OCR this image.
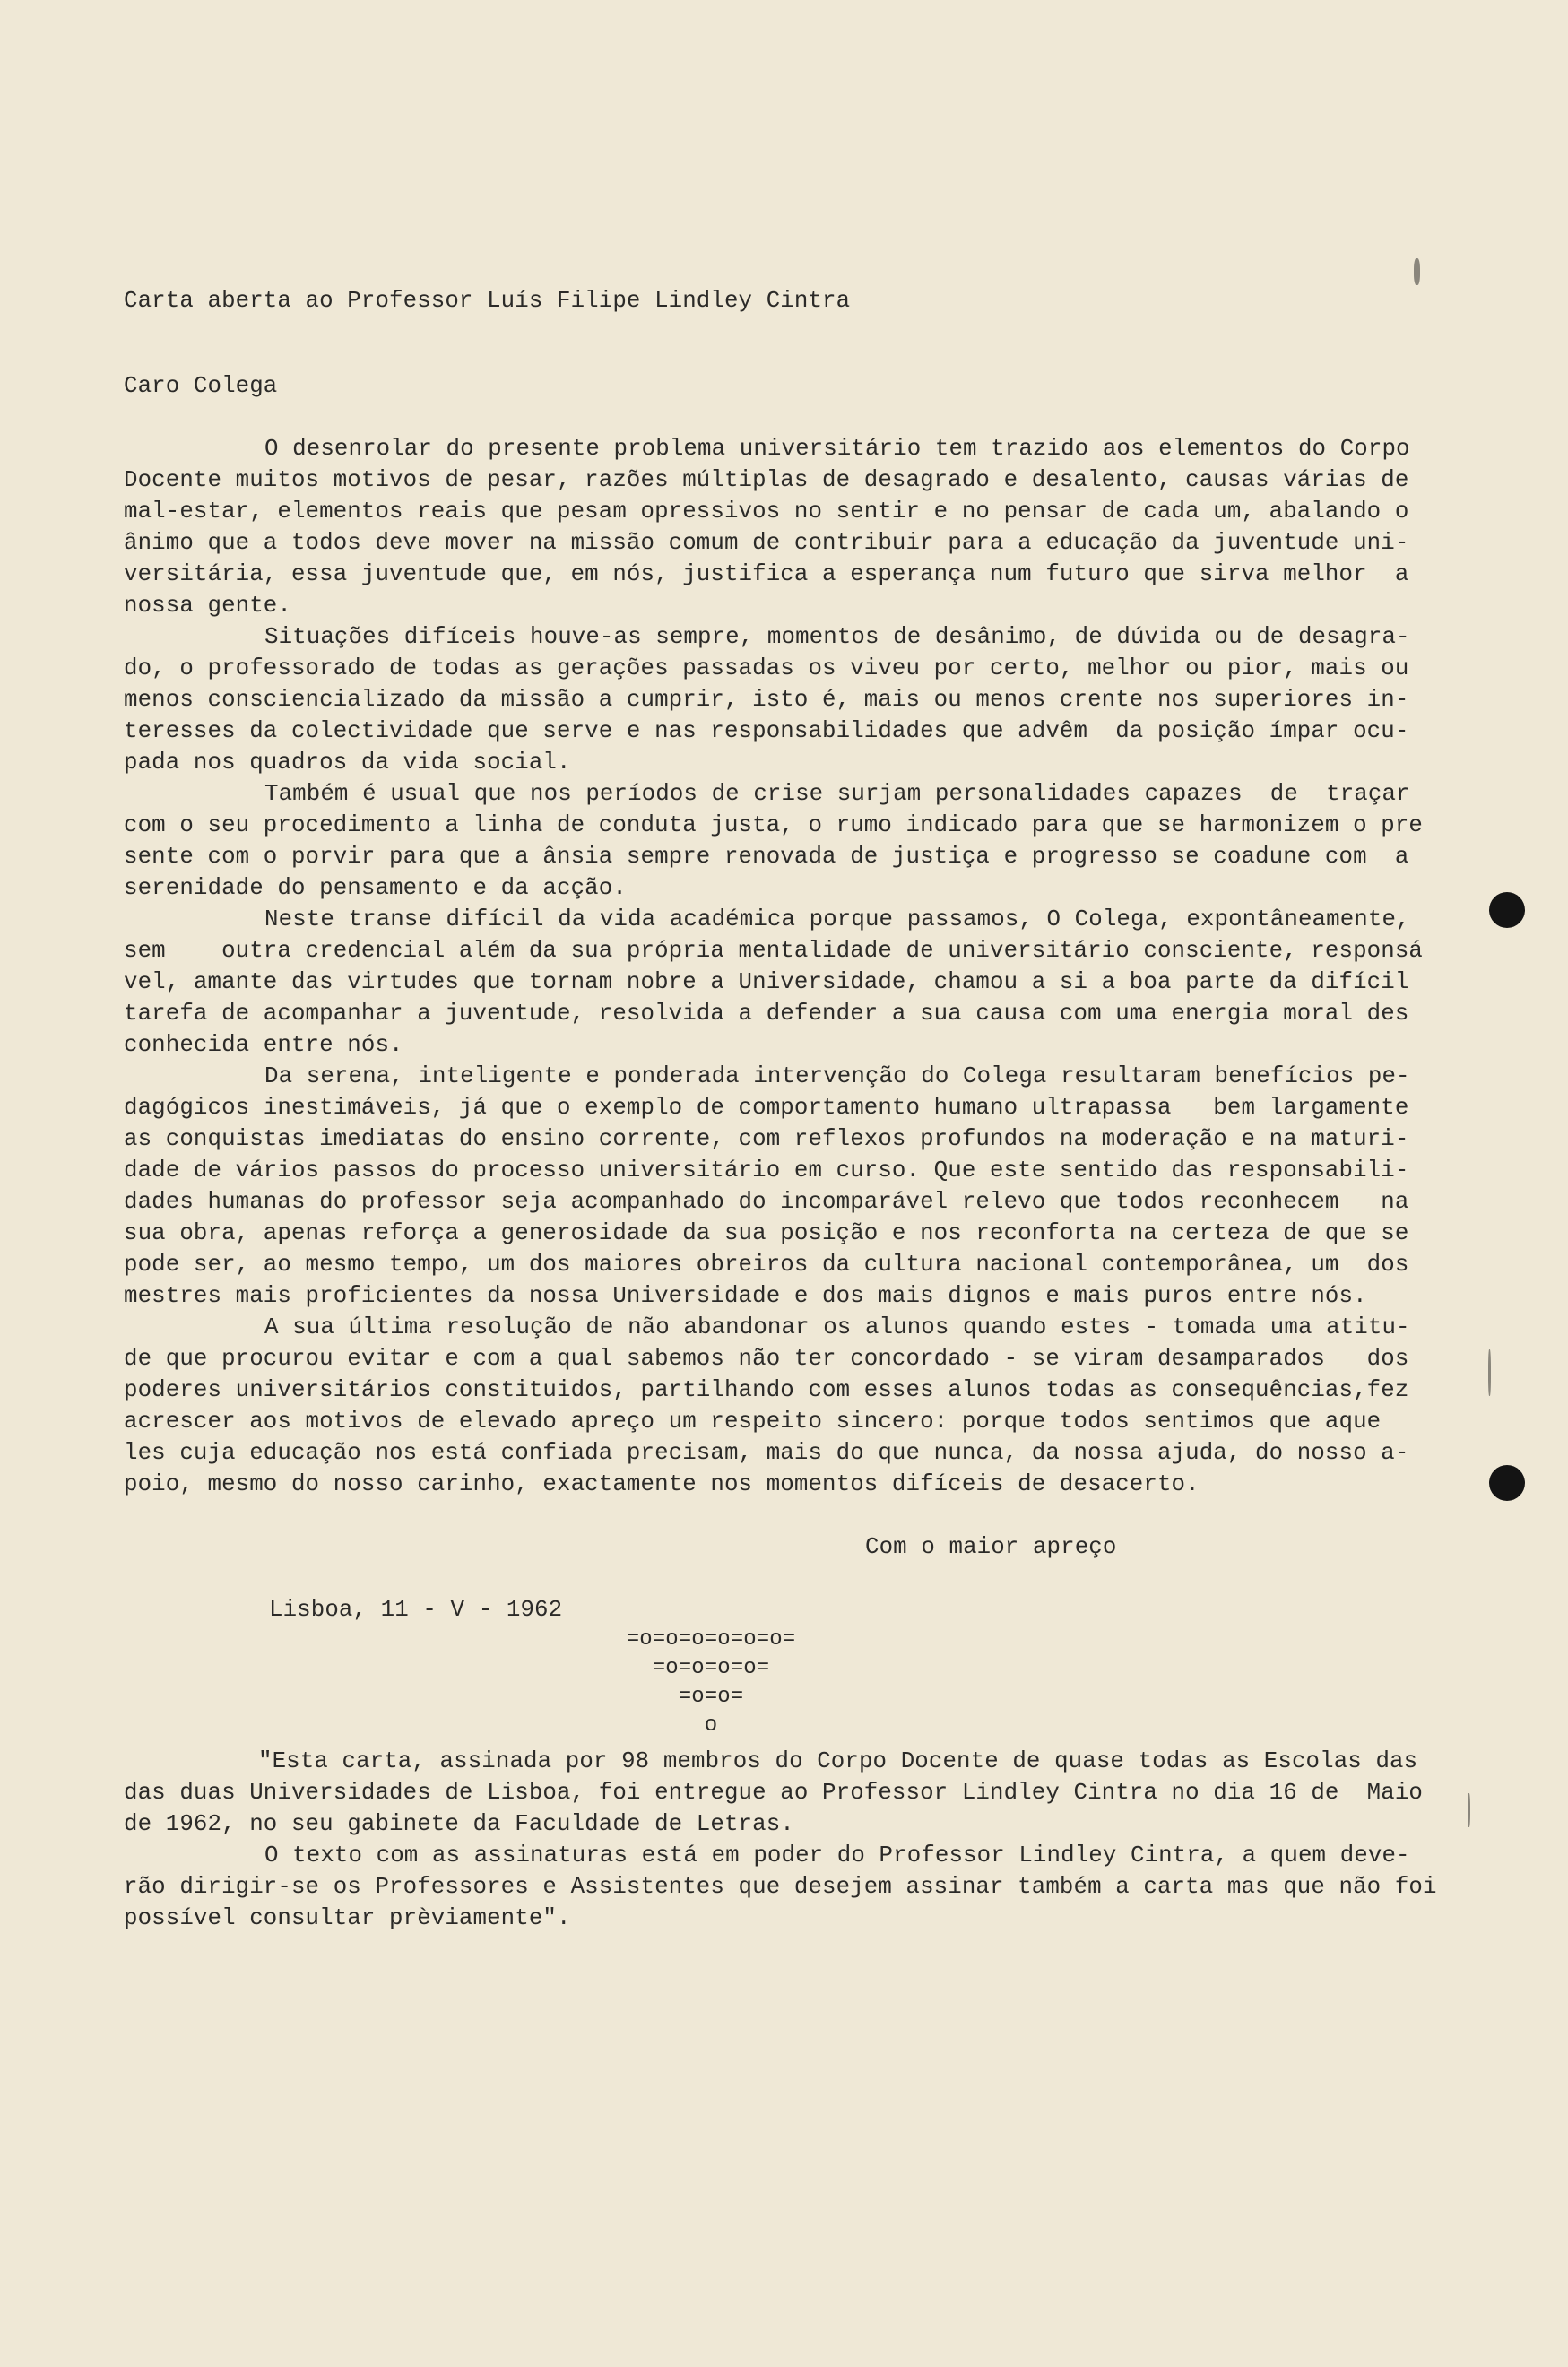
Carta aberta ao Professor Luís Filipe Lindley Cintra
Caro Colega
O desenrolar do presente problema universitário tem trazido aos elementos do Corpo
Docente muitos motivos de pesar, razões múltiplas de desagrado e desalento, causas várias de
mal-estar, elementos reais que pesam opressivos no sentir e no pensar de cada um, abalando o
ânimo que a todos deve mover na missão comum de contribuir para a educação da juventude uni-
versitária, essa juventude que, em nós, justifica a esperança num futuro que sirva melhor  a
nossa gente.
Situações difíceis houve-as sempre, momentos de desânimo, de dúvida ou de desagra-
do, o professorado de todas as gerações passadas os viveu por certo, melhor ou pior, mais ou
menos consciencializado da missão a cumprir, isto é, mais ou menos crente nos superiores in-
teresses da colectividade que serve e nas responsabilidades que advêm  da posição ímpar ocu-
pada nos quadros da vida social.
Também é usual que nos períodos de crise surjam personalidades capazes  de  traçar
com o seu procedimento a linha de conduta justa, o rumo indicado para que se harmonizem o pre
sente com o porvir para que a ânsia sempre renovada de justiça e progresso se coadune com  a
serenidade do pensamento e da acção.
Neste transe difícil da vida académica porque passamos, O Colega, expontâneamente,
sem    outra credencial além da sua própria mentalidade de universitário consciente, responsá
vel, amante das virtudes que tornam nobre a Universidade, chamou a si a boa parte da difícil
tarefa de acompanhar a juventude, resolvida a defender a sua causa com uma energia moral des
conhecida entre nós.
Da serena, inteligente e ponderada intervenção do Colega resultaram benefícios pe-
dagógicos inestimáveis, já que o exemplo de comportamento humano ultrapassa   bem largamente
as conquistas imediatas do ensino corrente, com reflexos profundos na moderação e na maturi-
dade de vários passos do processo universitário em curso. Que este sentido das responsabili-
dades humanas do professor seja acompanhado do incomparável relevo que todos reconhecem   na
sua obra, apenas reforça a generosidade da sua posição e nos reconforta na certeza de que se
pode ser, ao mesmo tempo, um dos maiores obreiros da cultura nacional contemporânea, um  dos
mestres mais proficientes da nossa Universidade e dos mais dignos e mais puros entre nós.
A sua última resolução de não abandonar os alunos quando estes - tomada uma atitu-
de que procurou evitar e com a qual sabemos não ter concordado - se viram desamparados   dos
poderes universitários constituidos, partilhando com esses alunos todas as consequências,fez
acrescer aos motivos de elevado apreço um respeito sincero: porque todos sentimos que aque
les cuja educação nos está confiada precisam, mais do que nunca, da nossa ajuda, do nosso a-
poio, mesmo do nosso carinho, exactamente nos momentos difíceis de desacerto.
Com o maior apreço
Lisboa, 11 - V - 1962
=o=o=o=o=o=o=
=o=o=o=o=
=o=o=
o
"Esta carta, assinada por 98 membros do Corpo Docente de quase todas as Escolas das
das duas Universidades de Lisboa, foi entregue ao Professor Lindley Cintra no dia 16 de  Maio
de 1962, no seu gabinete da Faculdade de Letras.
O texto com as assinaturas está em poder do Professor Lindley Cintra, a quem deve-
rão dirigir-se os Professores e Assistentes que desejem assinar também a carta mas que não foi
possível consultar prèviamente".
